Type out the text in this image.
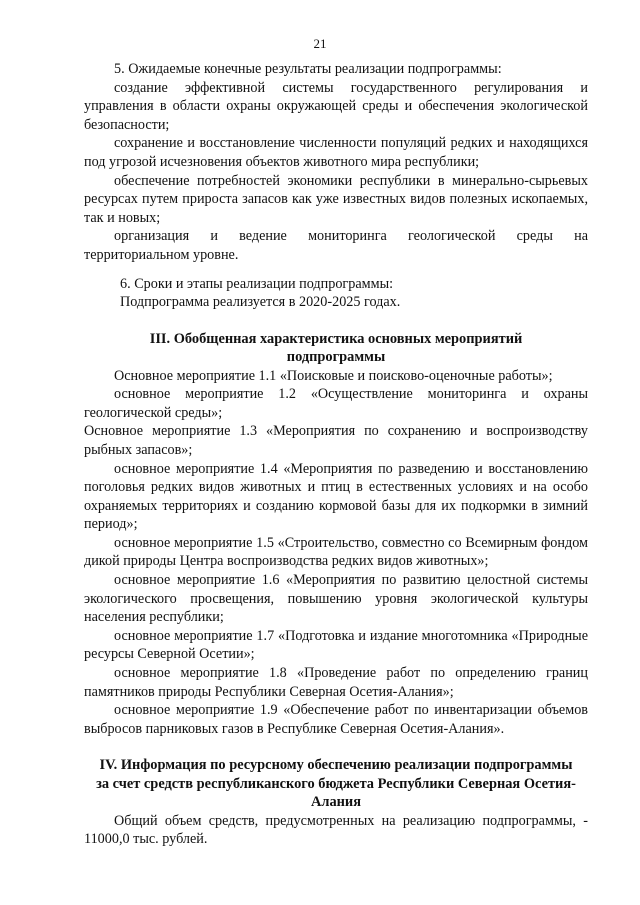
21

5. Ожидаемые конечные результаты реализации подпрограммы:

создание эффективной системы государственного регулирования и управления в области охраны окружающей среды и обеспечения экологической безопасности;

сохранение и восстановление численности популяций редких и находящихся под угрозой исчезновения объектов животного мира республики;

обеспечение потребностей экономики республики в минерально-сырьевых ресурсах путем прироста запасов как уже известных видов полезных ископаемых, так и новых;

организация и ведение мониторинга геологической среды на территориальном уровне.

6. Сроки и этапы реализации подпрограммы:

Подпрограмма реализуется в 2020-2025 годах.

III. Обобщенная характеристика основных мероприятий
подпрограммы

Основное мероприятие 1.1 «Поисковые и поисково-оценочные работы»;

основное мероприятие 1.2 «Осуществление мониторинга и охраны геологической среды»;

Основное мероприятие 1.3 «Мероприятия по сохранению и воспроизводству рыбных запасов»;

основное мероприятие 1.4 «Мероприятия по разведению и восстановлению поголовья редких видов животных и птиц в естественных условиях и на особо охраняемых территориях и созданию кормовой базы для их подкормки в зимний период»;

основное мероприятие 1.5 «Строительство, совместно со Всемирным фондом дикой природы Центра воспроизводства редких видов животных»;

основное мероприятие 1.6 «Мероприятия по развитию целостной системы экологического просвещения, повышению уровня экологической культуры населения республики;

основное мероприятие 1.7 «Подготовка и издание многотомника «Природные ресурсы Северной Осетии»;

основное мероприятие 1.8 «Проведение работ по определению границ памятников природы Республики Северная Осетия-Алания»;

основное мероприятие 1.9 «Обеспечение работ по инвентаризации объемов выбросов парниковых газов в Республике Северная Осетия-Алания».

IV. Информация по ресурсному обеспечению реализации подпрограммы
за счет средств республиканского бюджета Республики Северная Осетия-
Алания

Общий объем средств, предусмотренных на реализацию подпрограммы, - 11000,0 тыс. рублей.
